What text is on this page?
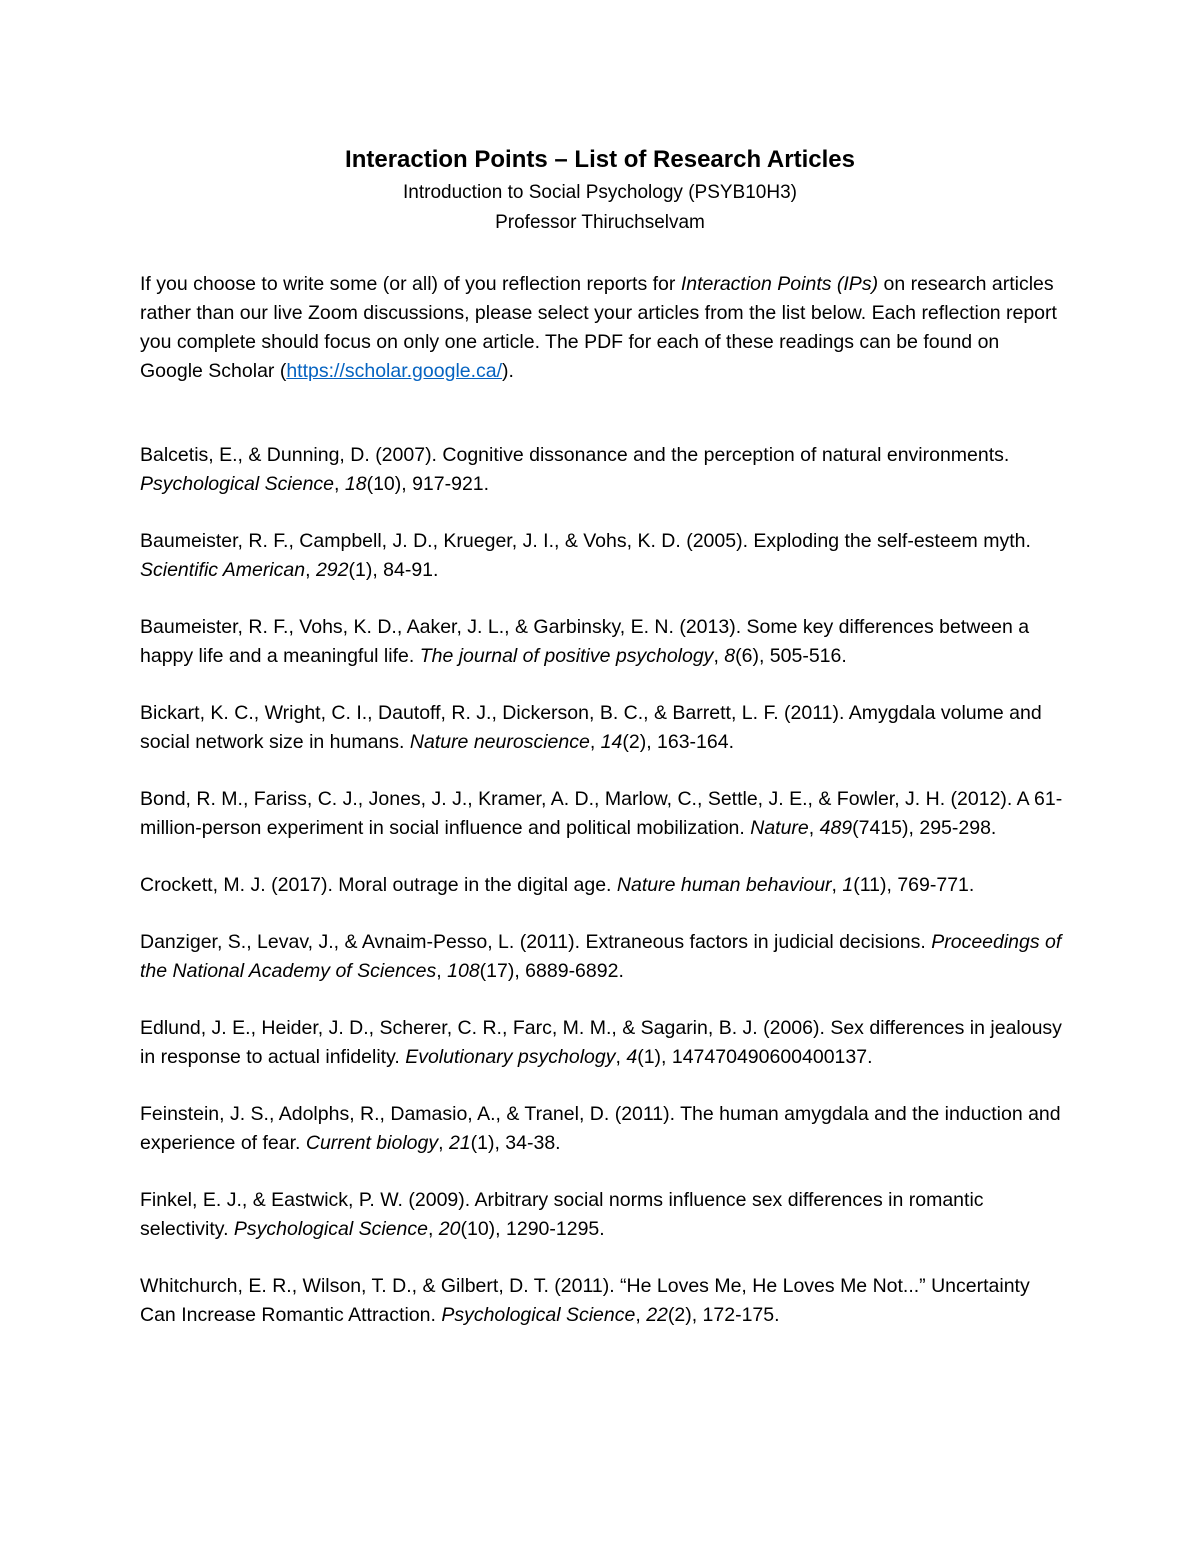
Interaction Points – List of Research Articles

Introduction to Social Psychology (PSYB10H3)

Professor Thiruchselvam

If you choose to write some (or all) of you reflection reports for Interaction Points (IPs) on research articles rather than our live Zoom discussions, please select your articles from the list below. Each reflection report you complete should focus on only one article. The PDF for each of these readings can be found on Google Scholar (https://scholar.google.ca/).

Balcetis, E., & Dunning, D. (2007). Cognitive dissonance and the perception of natural environments. Psychological Science, 18(10), 917-921.
Baumeister, R. F., Campbell, J. D., Krueger, J. I., & Vohs, K. D. (2005). Exploding the self-esteem myth. Scientific American, 292(1), 84-91.
Baumeister, R. F., Vohs, K. D., Aaker, J. L., & Garbinsky, E. N. (2013). Some key differences between a happy life and a meaningful life. The journal of positive psychology, 8(6), 505-516.
Bickart, K. C., Wright, C. I., Dautoff, R. J., Dickerson, B. C., & Barrett, L. F. (2011). Amygdala volume and social network size in humans. Nature neuroscience, 14(2), 163-164.
Bond, R. M., Fariss, C. J., Jones, J. J., Kramer, A. D., Marlow, C., Settle, J. E., & Fowler, J. H. (2012). A 61-million-person experiment in social influence and political mobilization. Nature, 489(7415), 295-298.
Crockett, M. J. (2017). Moral outrage in the digital age. Nature human behaviour, 1(11), 769-771.
Danziger, S., Levav, J., & Avnaim-Pesso, L. (2011). Extraneous factors in judicial decisions. Proceedings of the National Academy of Sciences, 108(17), 6889-6892.
Edlund, J. E., Heider, J. D., Scherer, C. R., Farc, M. M., & Sagarin, B. J. (2006). Sex differences in jealousy in response to actual infidelity. Evolutionary psychology, 4(1), 147470490600400137.
Feinstein, J. S., Adolphs, R., Damasio, A., & Tranel, D. (2011). The human amygdala and the induction and experience of fear. Current biology, 21(1), 34-38.
Finkel, E. J., & Eastwick, P. W. (2009). Arbitrary social norms influence sex differences in romantic selectivity. Psychological Science, 20(10), 1290-1295.
Whitchurch, E. R., Wilson, T. D., & Gilbert, D. T. (2011). “He Loves Me, He Loves Me Not...” Uncertainty Can Increase Romantic Attraction. Psychological Science, 22(2), 172-175.
